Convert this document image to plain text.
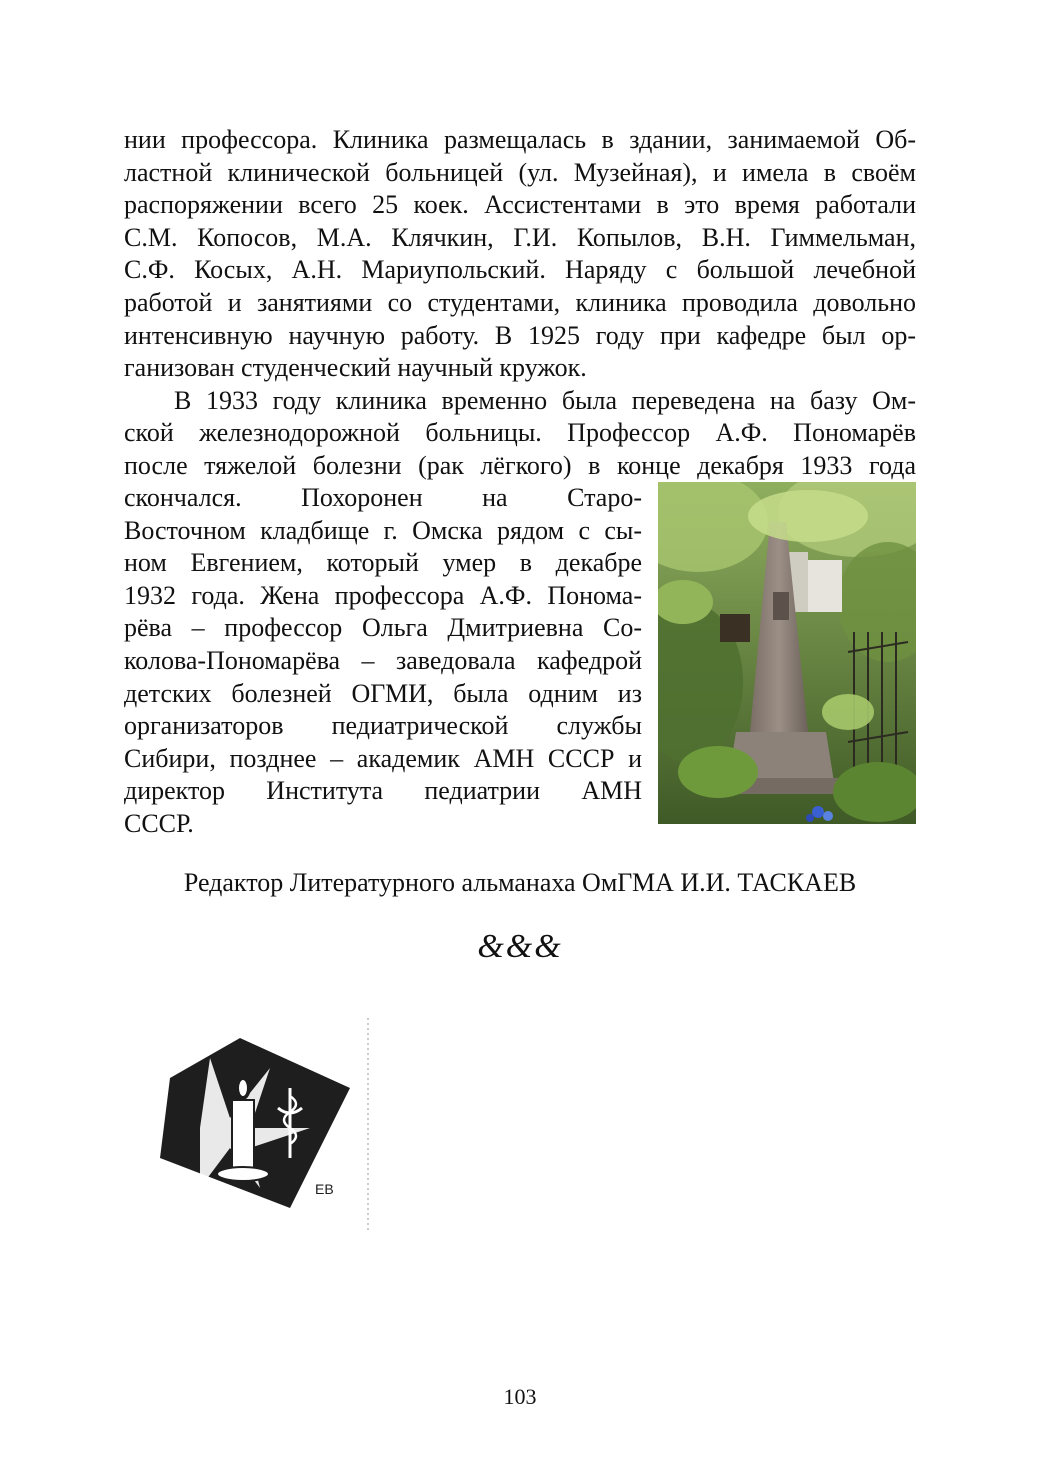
нии профессора. Клиника размещалась в здании, занимаемой Об-
ластной клинической больницей (ул. Музейная), и имела в своём
распоряжении всего 25 коек. Ассистентами в это время работали
С.М. Копосов, М.А. Клячкин, Г.И. Копылов, В.Н. Гиммельман,
С.Ф. Косых, А.Н. Мариупольский. Наряду с большой лечебной
работой и занятиями со студентами, клиника проводила довольно
интенсивную научную работу. В 1925 году при кафедре был ор-
ганизован студенческий научный кружок.

В 1933 году клиника временно была переведена на базу Ом-
ской железнодорожной больницы. Профессор А.Ф. Пономарёв
после тяжелой болезни (рак лёгкого) в конце декабря 1933 года

скончался. Похоронен на Старо-
Восточном кладбище г. Омска рядом с сы-
ном Евгением, который умер в декабре
1932 года. Жена профессора А.Ф. Понома-
рёва – профессор Ольга Дмитриевна Со-
колова-Пономарёва – заведовала кафедрой
детских болезней ОГМИ, была одним из
организаторов педиатрической службы
Сибири, позднее – академик АМН СССР и
директор Института педиатрии АМН
СССР.
Редактор Литературного альманаха ОмГМА И.И. ТАСКАЕВ
&&&
ЕВ
103
